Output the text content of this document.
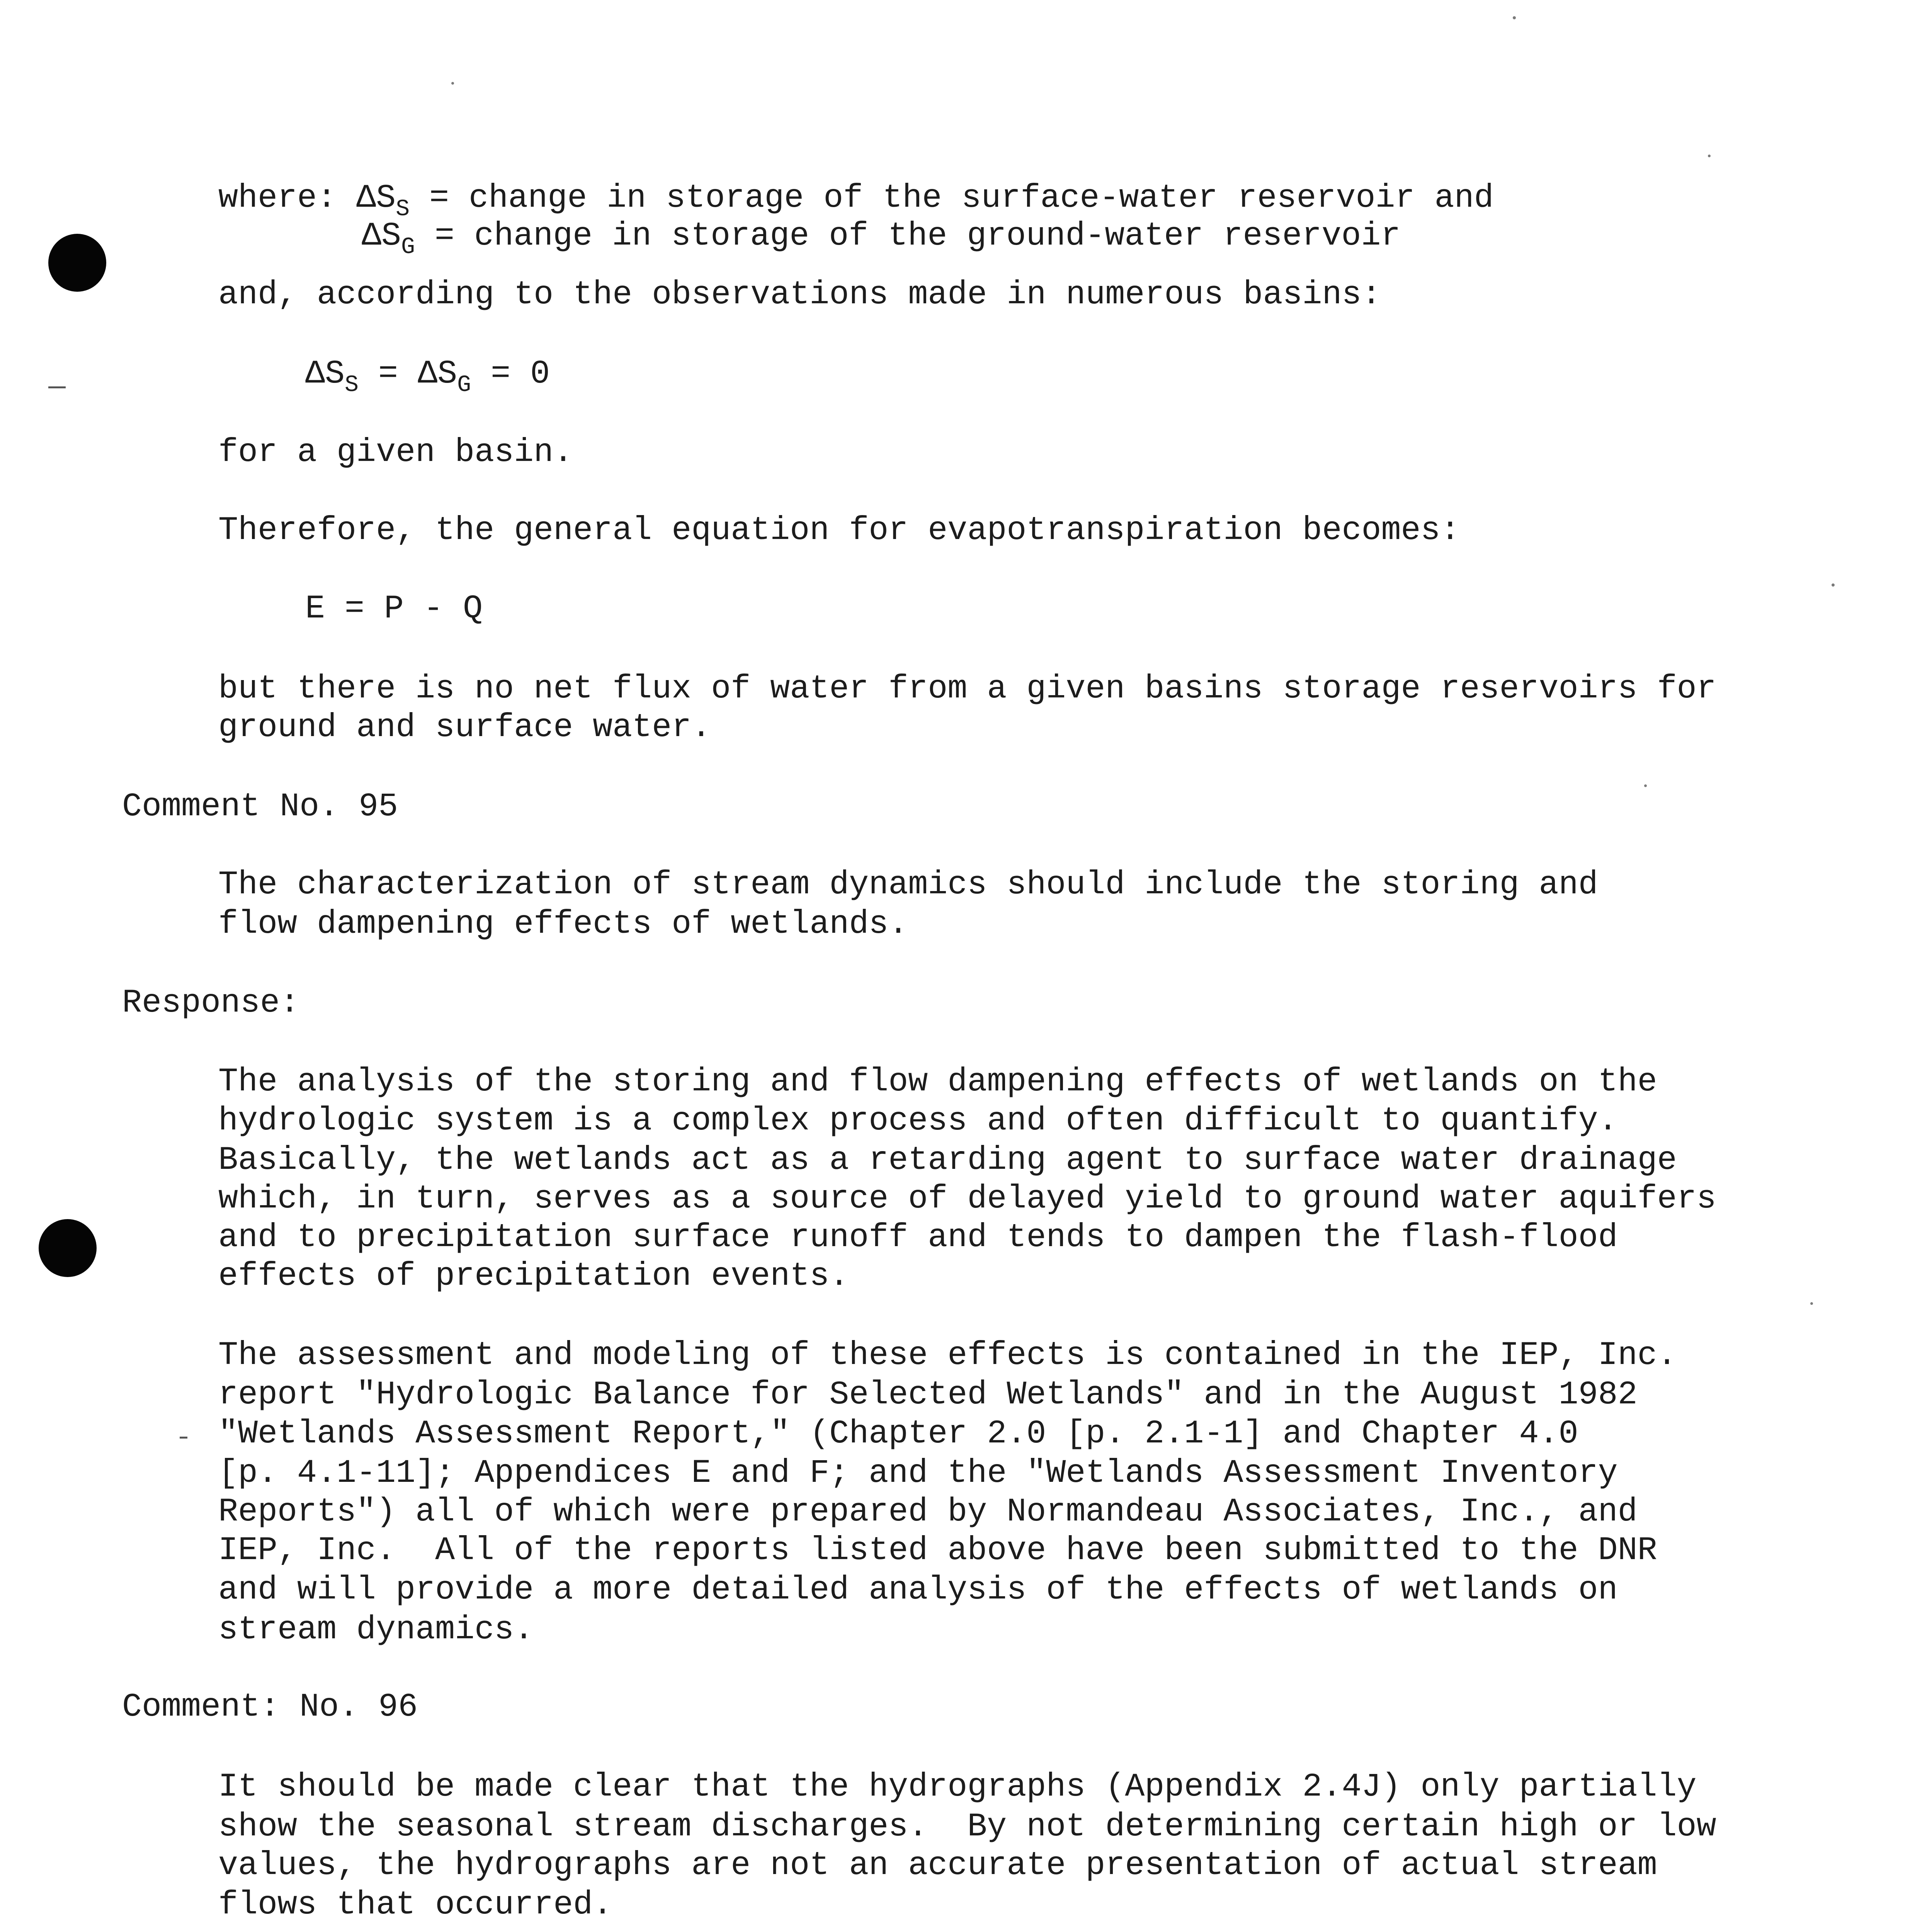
where: $\Delta S_S$ = change in storage of the surface-water reservoir and

$\Delta S_G$ = change in storage of the ground-water reservoir

and, according to the observations made in numerous basins:

$\Delta S_S = \Delta S_G = 0$

for a given basin.

Therefore, the general equation for evapotranspiration becomes:

E = P - Q

but there is no net flux of water from a given basins storage reservoirs for

ground and surface water.

Comment No. 95

The characterization of stream dynamics should include the storing and

flow dampening effects of wetlands.

Response:

The analysis of the storing and flow dampening effects of wetlands on the

hydrologic system is a complex process and often difficult to quantify.

Basically, the wetlands act as a retarding agent to surface water drainage

which, in turn, serves as a source of delayed yield to ground water aquifers

and to precipitation surface runoff and tends to dampen the flash-flood

effects of precipitation events.

The assessment and modeling of these effects is contained in the IEP, Inc.

report "Hydrologic Balance for Selected Wetlands" and in the August 1982

"Wetlands Assessment Report," (Chapter 2.0 [p. 2.1-1] and Chapter 4.0

[p. 4.1-11]; Appendices E and F; and the "Wetlands Assessment Inventory

Reports") all of which were prepared by Normandeau Associates, Inc., and

IEP, Inc.  All of the reports listed above have been submitted to the DNR

and will provide a more detailed analysis of the effects of wetlands on

stream dynamics.

Comment: No. 96

It should be made clear that the hydrographs (Appendix 2.4J) only partially

show the seasonal stream discharges.  By not determining certain high or low

values, the hydrographs are not an accurate presentation of actual stream

flows that occurred.
